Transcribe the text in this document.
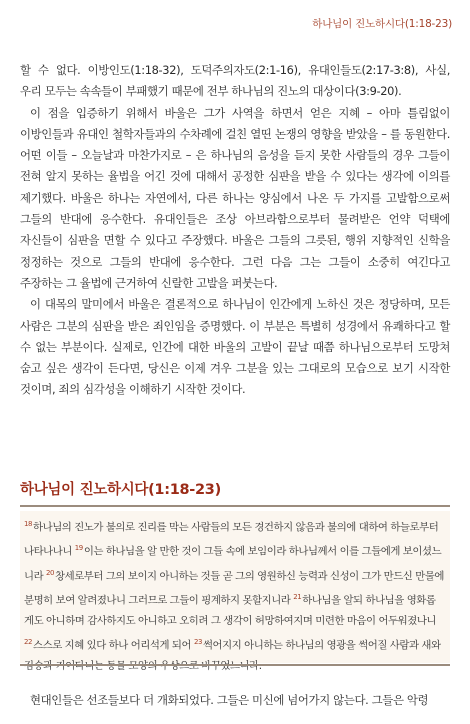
하나님이 진노하시다(1:18-23)

할 수 없다. 이방인도(1:18-32), 도덕주의자도(2:1-16), 유대인들도(2:17-3:8), 사실, 우리 모두는 속속들이 부패했기 때문에 전부 하나님의 진노의 대상이다(3:9-20).

이 점을 입증하기 위해서 바울은 그가 사역을 하면서 얻은 지혜 – 아마 틀림없이 이방인들과 유대인 철학자들과의 수차례에 걸친 열띤 논쟁의 영향을 받았을 – 를 동원한다. 어떤 이들 – 오늘날과 마찬가지로 – 은 하나님의 음성을 듣지 못한 사람들의 경우 그들이 전혀 알지 못하는 율법을 어긴 것에 대해서 공정한 심판을 받을 수 있다는 생각에 이의를 제기했다. 바울은 하나는 자연에서, 다른 하나는 양심에서 나온 두 가지를 고발함으로써 그들의 반대에 응수한다. 유대인들은 조상 아브라함으로부터 물려받은 언약 덕택에 자신들이 심판을 면할 수 있다고 주장했다. 바울은 그들의 그릇된, 행위 지향적인 신학을 정정하는 것으로 그들의 반대에 응수한다. 그런 다음 그는 그들이 소중히 여긴다고 주장하는 그 율법에 근거하여 신랄한 고발을 퍼붓는다.

이 대목의 말미에서 바울은 결론적으로 하나님이 인간에게 노하신 것은 정당하며, 모든 사람은 그분의 심판을 받은 죄인임을 증명했다. 이 부분은 특별히 성경에서 유쾌하다고 할 수 없는 부분이다. 실제로, 인간에 대한 바울의 고발이 끝날 때쯤 하나님으로부터 도망쳐 숨고 싶은 생각이 든다면, 당신은 이제 겨우 그분을 있는 그대로의 모습으로 보기 시작한 것이며, 죄의 심각성을 이해하기 시작한 것이다.

하나님이 진노하시다(1:18-23)

$^{18}$하나님의 진노가 불의로 진리를 막는 사람들의 모든 경건하지 않음과 불의에 대하여 하늘로부터 나타나나니 $^{19}$이는 하나님을 알 만한 것이 그들 속에 보임이라 하나님께서 이를 그들에게 보이셨느니라 $^{20}$창세로부터 그의 보이지 아니하는 것들 곧 그의 영원하신 능력과 신성이 그가 만드신 만물에 분명히 보여 알려졌나니 그러므로 그들이 핑계하지 못할지니라 $^{21}$하나님을 알되 하나님을 영화롭게도 아니하며 감사하지도 아니하고 오히려 그 생각이 허망하여지며 미련한 마음이 어두워졌나니 $^{22}$스스로 지혜 있다 하나 어리석게 되어 $^{23}$썩어지지 아니하는 하나님의 영광을 썩어질 사람과 새와 짐승과 기어다니는 동물 모양의 우상으로 바꾸었느니라.

현대인들은 선조들보다 더 개화되었다. 그들은 미신에 넘어가지 않는다. 그들은 악령
